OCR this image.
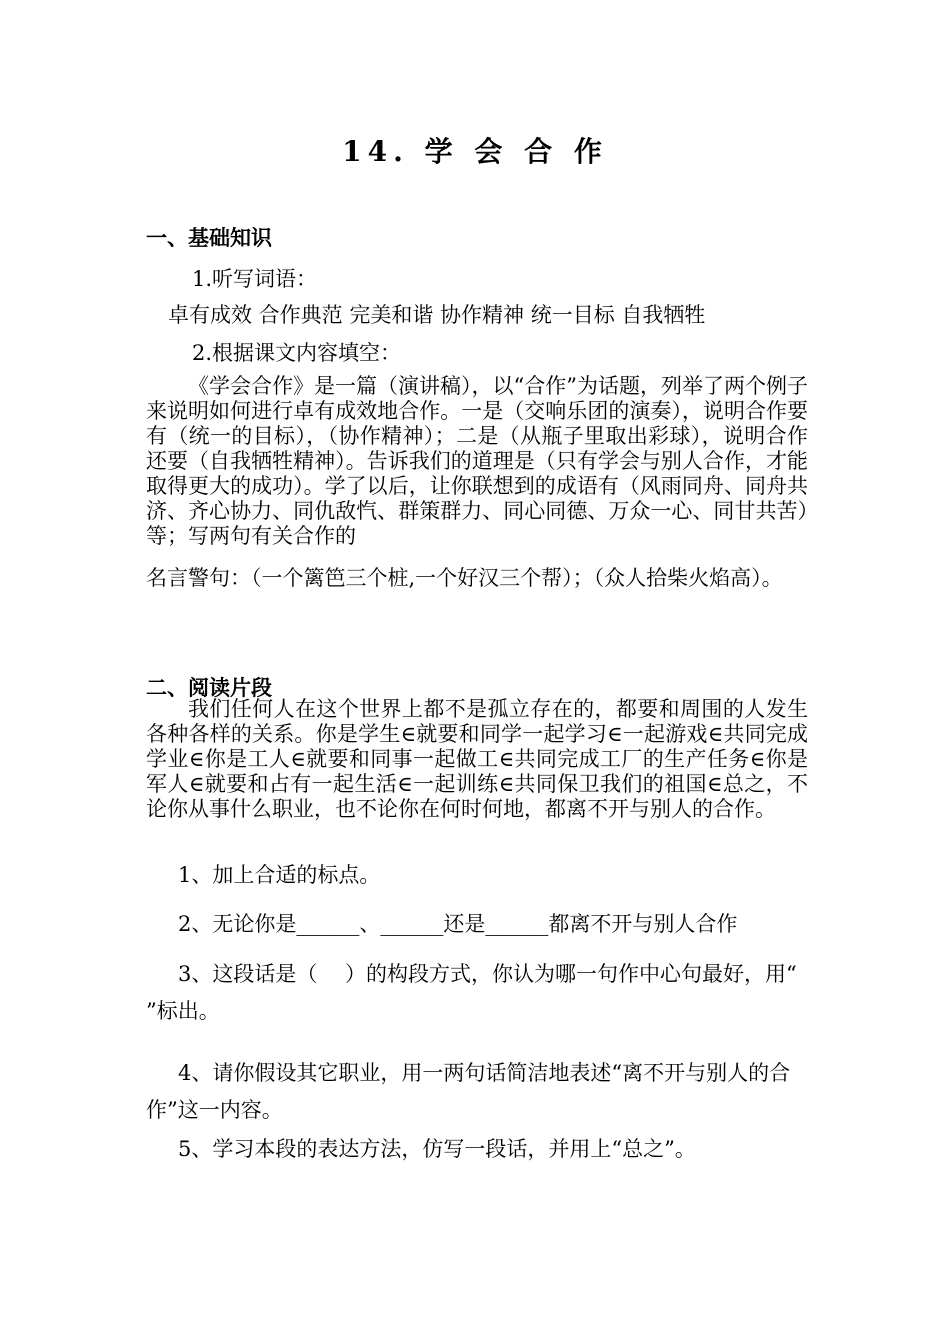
14. 学 会 合 作
一、基础知识
1.听写词语：
卓有成效 合作典范 完美和谐 协作精神 统一目标 自我牺牲
2.根据课文内容填空：
《学会合作》是一篇（演讲稿），以“合作”为话题，列举了两个例子来说明如何进行卓有成效地合作。一是（交响乐团的演奏），说明合作要有（统一的目标），（协作精神）；二是（从瓶子里取出彩球），说明合作还要（自我牺牲精神）。告诉我们的道理是（只有学会与别人合作，才能取得更大的成功）。学了以后，让你联想到的成语有（风雨同舟、同舟共济、齐心协力、同仇敌忾、群策群力、同心同德、万众一心、同甘共苦）等；写两句有关合作的
名言警句：（一个篱笆三个桩,一个好汉三个帮）；（众人拾柴火焰高）。
二、阅读片段
我们任何人在这个世界上都不是孤立存在的，都要和周围的人发生各种各样的关系。你是学生∈就要和同学一起学习∈一起游戏∈共同完成学业∈你是工人∈就要和同事一起做工∈共同完成工厂的生产任务∈你是军人∈就要和占有一起生活∈一起训练∈共同保卫我们的祖国∈总之，不论你从事什么职业，也不论你在何时何地，都离不开与别人的合作。
1、加上合适的标点。
2、无论你是______、______还是______都离不开与别人合作
3、这段话是（　 ）的构段方式，你认为哪一句作中心句最好，用“ ”标出。
4、请你假设其它职业，用一两句话简洁地表述“离不开与别人的合作”这一内容。
5、学习本段的表达方法，仿写一段话，并用上“总之”。
